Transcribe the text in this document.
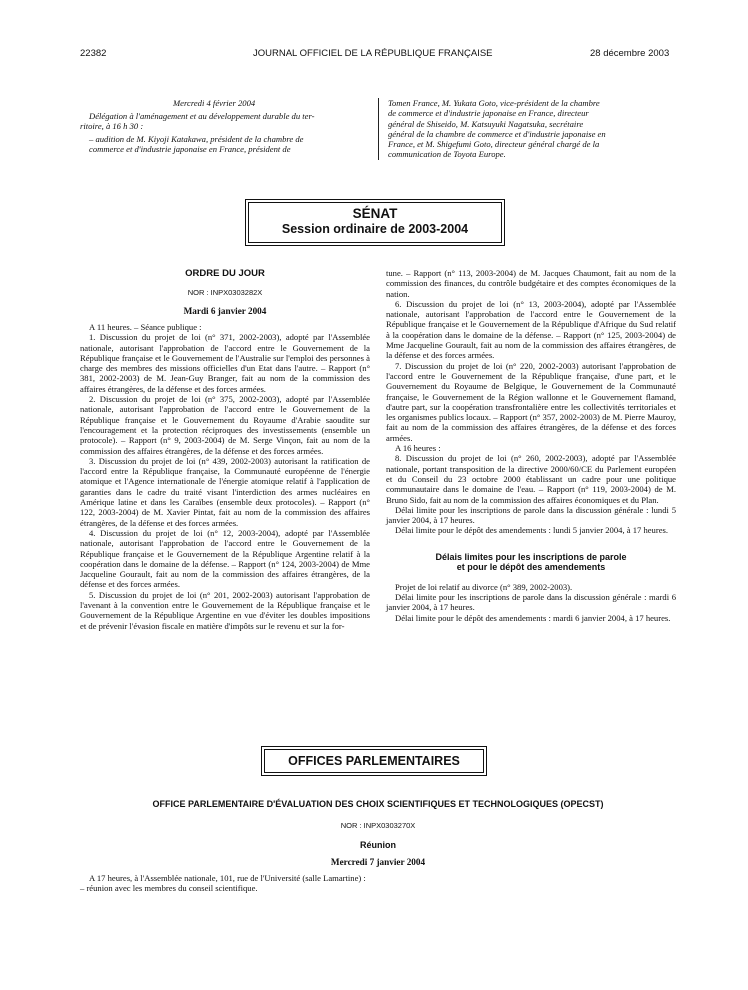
22382	JOURNAL OFFICIEL DE LA RÉPUBLIQUE FRANÇAISE	28 décembre 2003
Mercredi 4 février 2004
Délégation à l'aménagement et au développement durable du ter-
ritoire, à 16 h 30 :
– audition de M. Kiyoji Katakawa, président de la chambre de
commerce et d'industrie japonaise en France, président de
Tomen France, M. Yukata Goto, vice-président de la chambre
de commerce et d'industrie japonaise en France, directeur
général de Shiseido, M. Katsuyuki Nagatsuka, secrétaire
général de la chambre de commerce et d'industrie japonaise en
France, et M. Shigefumi Goto, directeur général chargé de la
communication de Toyota Europe.
SÉNAT
Session ordinaire de 2003-2004
ORDRE DU JOUR
NOR : INPX0303282X
Mardi 6 janvier 2004
A 11 heures. – Séance publique :
1. Discussion du projet de loi (n° 371, 2002-2003), adopté par l'Assemblée nationale, autorisant l'approbation de l'accord entre le Gouvernement de la République française et le Gouvernement de l'Australie sur l'emploi des personnes à charge des membres des missions officielles d'un Etat dans l'autre. – Rapport (n° 381, 2002-2003) de M. Jean-Guy Branger, fait au nom de la commission des affaires étrangères, de la défense et des forces armées.
2. Discussion du projet de loi (n° 375, 2002-2003), adopté par l'Assemblée nationale, autorisant l'approbation de l'accord entre le Gouvernement de la République française et le Gouvernement du Royaume d'Arabie saoudite sur l'encouragement et la protection réciproques des investissements (ensemble un protocole). – Rapport (n° 9, 2003-2004) de M. Serge Vinçon, fait au nom de la commission des affaires étrangères, de la défense et des forces armées.
3. Discussion du projet de loi (n° 439, 2002-2003) autorisant la ratification de l'accord entre la République française, la Communauté européenne de l'énergie atomique et l'Agence internationale de l'énergie atomique relatif à l'application de garanties dans le cadre du traité visant l'interdiction des armes nucléaires en Amérique latine et dans les Caraïbes (ensemble deux protocoles). – Rapport (n° 122, 2003-2004) de M. Xavier Pintat, fait au nom de la commission des affaires étrangères, de la défense et des forces armées.
4. Discussion du projet de loi (n° 12, 2003-2004), adopté par l'Assemblée nationale, autorisant l'approbation de l'accord entre le Gouvernement de la République française et le Gouvernement de la République Argentine relatif à la coopération dans le domaine de la défense. – Rapport (n° 124, 2003-2004) de Mme Jacqueline Gourault, fait au nom de la commission des affaires étrangères, de la défense et des forces armées.
5. Discussion du projet de loi (n° 201, 2002-2003) autorisant l'approbation de l'avenant à la convention entre le Gouvernement de la République française et le Gouvernement de la République Argentine en vue d'éviter les doubles impositions et de prévenir l'évasion fiscale en matière d'impôts sur le revenu et sur la for-
tune. – Rapport (n° 113, 2003-2004) de M. Jacques Chaumont, fait au nom de la commission des finances, du contrôle budgétaire et des comptes économiques de la nation.
6. Discussion du projet de loi (n° 13, 2003-2004), adopté par l'Assemblée nationale, autorisant l'approbation de l'accord entre le Gouvernement de la République française et le Gouvernement de la République d'Afrique du Sud relatif à la coopération dans le domaine de la défense. – Rapport (n° 125, 2003-2004) de Mme Jacqueline Gourault, fait au nom de la commission des affaires étrangères, de la défense et des forces armées.
7. Discussion du projet de loi (n° 220, 2002-2003) autorisant l'approbation de l'accord entre le Gouvernement de la République française, d'une part, et le Gouvernement du Royaume de Belgique, le Gouvernement de la Communauté française, le Gouvernement de la Région wallonne et le Gouvernement flamand, d'autre part, sur la coopération transfrontalière entre les collectivités territoriales et les organismes publics locaux. – Rapport (n° 357, 2002-2003) de M. Pierre Mauroy, fait au nom de la commission des affaires étrangères, de la défense et des forces armées.
A 16 heures :
8. Discussion du projet de loi (n° 260, 2002-2003), adopté par l'Assemblée nationale, portant transposition de la directive 2000/60/CE du Parlement européen et du Conseil du 23 octobre 2000 établissant un cadre pour une politique communautaire dans le domaine de l'eau. – Rapport (n° 119, 2003-2004) de M. Bruno Sido, fait au nom de la commission des affaires économiques et du Plan.
Délai limite pour les inscriptions de parole dans la discussion générale : lundi 5 janvier 2004, à 17 heures.
Délai limite pour le dépôt des amendements : lundi 5 janvier 2004, à 17 heures.
Délais limites pour les inscriptions de parole
et pour le dépôt des amendements
Projet de loi relatif au divorce (n° 389, 2002-2003).
Délai limite pour les inscriptions de parole dans la discussion générale : mardi 6 janvier 2004, à 17 heures.
Délai limite pour le dépôt des amendements : mardi 6 janvier 2004, à 17 heures.
OFFICES PARLEMENTAIRES
OFFICE PARLEMENTAIRE D'ÉVALUATION DES CHOIX SCIENTIFIQUES ET TECHNOLOGIQUES (OPECST)
NOR : INPX0303270X
Réunion
Mercredi 7 janvier 2004
A 17 heures, à l'Assemblée nationale, 101, rue de l'Université (salle Lamartine) :
– réunion avec les membres du conseil scientifique.
